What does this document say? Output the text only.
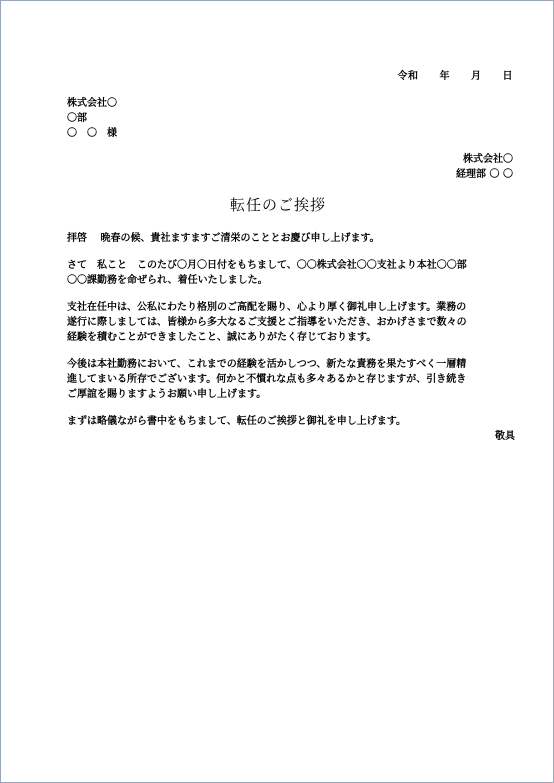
令和　　年　　月　　日
株式会社〇
〇部
〇　〇　様
株式会社〇
経理部 〇 〇
転任のご挨拶
拝啓　 晩春の候、貴社ますますご清栄のこととお慶び申し上げます。
さて　私こと　このたび〇月〇日付をもちまして、〇〇株式会社〇〇支社より本社〇〇部
〇〇課勤務を命ぜられ、着任いたしました。
支社在任中は、公私にわたり格別のご高配を賜り、心より厚く御礼申し上げます。業務の
遂行に際しましては、皆様から多大なるご支援とご指導をいただき、おかげさまで数々の
経験を積むことができましたこと、誠にありがたく存じております。
今後は本社勤務において、これまでの経験を活かしつつ、新たな責務を果たすべく一層精
進してまいる所存でございます。何かと不慣れな点も多々あるかと存じますが、引き続き
ご厚誼を賜りますようお願い申し上げます。
まずは略儀ながら書中をもちまして、転任のご挨拶と御礼を申し上げます。
敬具
